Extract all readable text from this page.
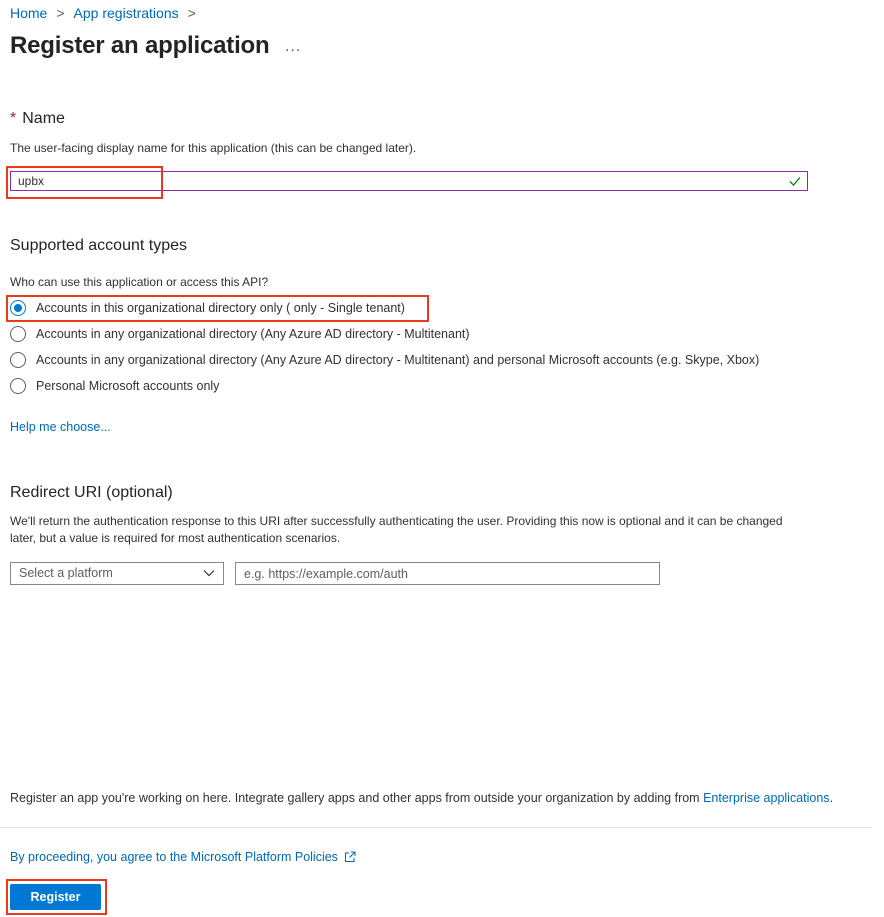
Home > App registrations >
Register an application ...
* Name
The user-facing display name for this application (this can be changed later).
upbx
Supported account types
Who can use this application or access this API?
Accounts in this organizational directory only ( only - Single tenant)
Accounts in any organizational directory (Any Azure AD directory - Multitenant)
Accounts in any organizational directory (Any Azure AD directory - Multitenant) and personal Microsoft accounts (e.g. Skype, Xbox)
Personal Microsoft accounts only
Help me choose...
Redirect URI (optional)
We'll return the authentication response to this URI after successfully authenticating the user. Providing this now is optional and it can be changed later, but a value is required for most authentication scenarios.
Select a platform
e.g. https://example.com/auth
Register an app you're working on here. Integrate gallery apps and other apps from outside your organization by adding from Enterprise applications.
By proceeding, you agree to the Microsoft Platform Policies
Register
